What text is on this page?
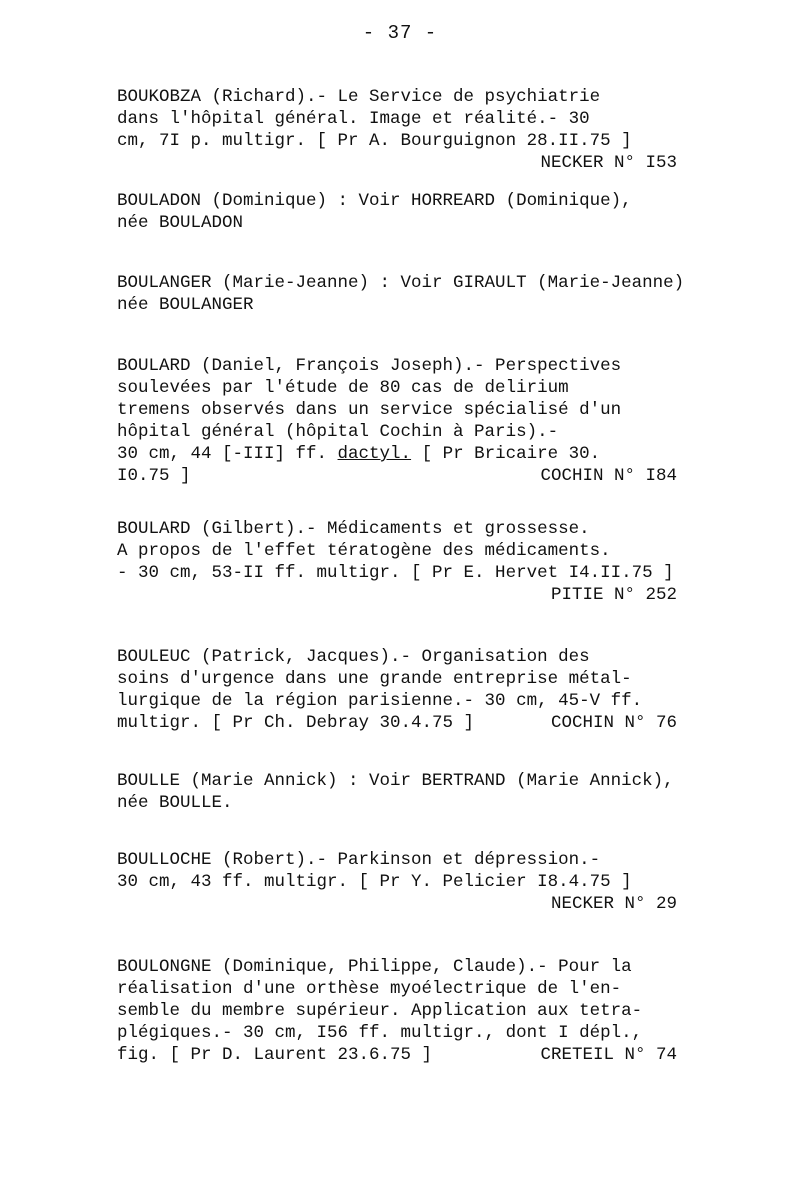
- 37 -
BOUKOBZA (Richard).- Le Service de psychiatrie
dans l'hôpital général. Image et réalité.- 30
cm, 7I p. multigr. [ Pr A. Bourguignon 28.II.75 ]
NECKER N° I53
BOULADON (Dominique) : Voir HORREARD (Dominique),
née BOULADON
BOULANGER (Marie-Jeanne) : Voir GIRAULT (Marie-Jeanne)
née BOULANGER
BOULARD (Daniel, François Joseph).- Perspectives
soulevées par l'étude de 80 cas de delirium
tremens observés dans un service spécialisé d'un
hôpital général (hôpital Cochin à Paris).-
30 cm, 44 [-III] ff. dactyl. [ Pr Bricaire 30.
I0.75 ]	COCHIN N° I84
BOULARD (Gilbert).- Médicaments et grossesse.
A propos de l'effet tératogène des médicaments.
- 30 cm, 53-II ff. multigr. [ Pr E. Hervet I4.II.75 ]
PITIE N° 252
BOULEUC (Patrick, Jacques).- Organisation des
soins d'urgence dans une grande entreprise métal-
lurgique de la région parisienne.- 30 cm, 45-V ff.
multigr. [ Pr Ch. Debray 30.4.75 ]	COCHIN N° 76
BOULLE (Marie Annick) : Voir BERTRAND (Marie Annick),
née BOULLE.
BOULLOCHE (Robert).- Parkinson et dépression.-
30 cm, 43 ff. multigr. [ Pr Y. Pelicier I8.4.75 ]
NECKER N° 29
BOULONGNE (Dominique, Philippe, Claude).- Pour la
réalisation d'une orthèse myoélectrique de l'en-
semble du membre supérieur. Application aux tetra-
plégiques.- 30 cm, I56 ff. multigr., dont I dépl.,
fig. [ Pr D. Laurent 23.6.75 ]	CRETEIL N° 74
